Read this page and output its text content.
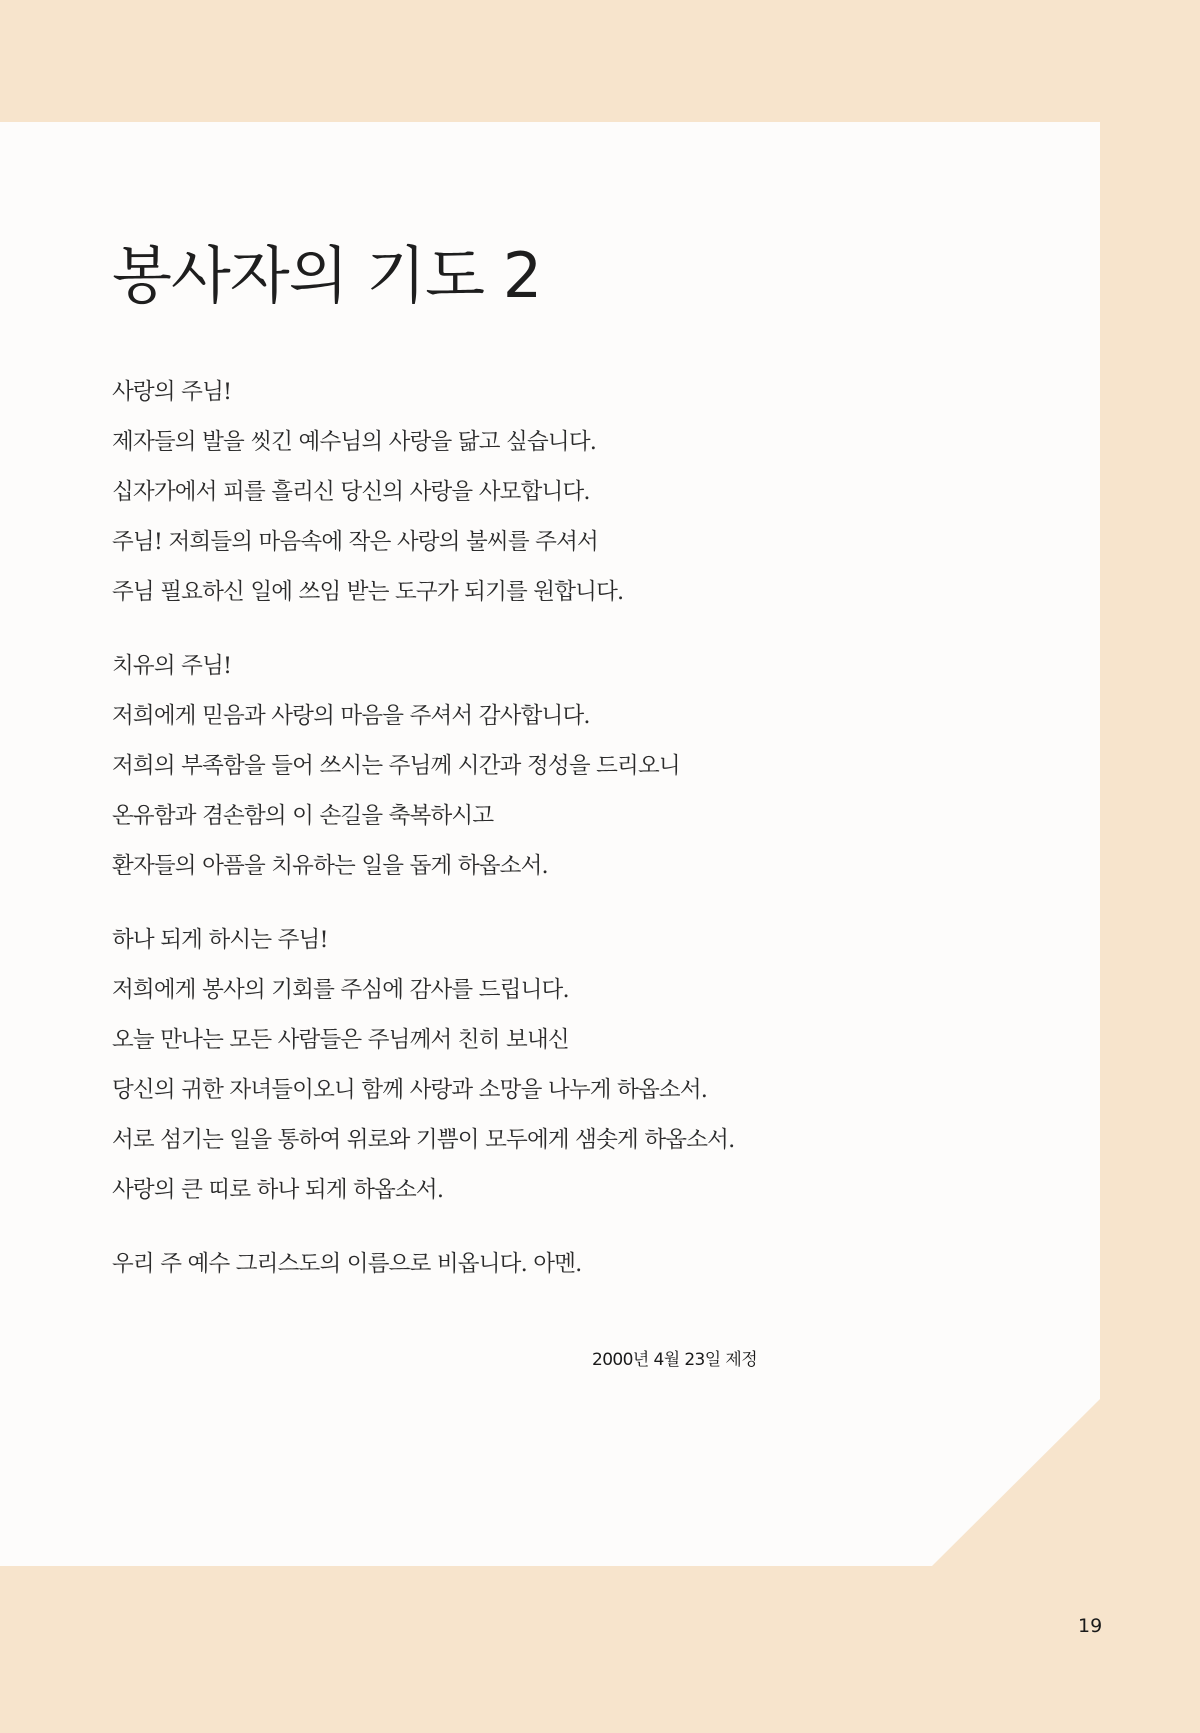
봉사자의 기도 2
사랑의 주님!
제자들의 발을 씻긴 예수님의 사랑을 닮고 싶습니다.
십자가에서 피를 흘리신 당신의 사랑을 사모합니다.
주님! 저희들의 마음속에 작은 사랑의 불씨를 주셔서
주님 필요하신 일에 쓰임 받는 도구가 되기를 원합니다.
치유의 주님!
저희에게 믿음과 사랑의 마음을 주셔서 감사합니다.
저희의 부족함을 들어 쓰시는 주님께 시간과 정성을 드리오니
온유함과 겸손함의 이 손길을 축복하시고
환자들의 아픔을 치유하는 일을 돕게 하옵소서.
하나 되게 하시는 주님!
저희에게 봉사의 기회를 주심에 감사를 드립니다.
오늘 만나는 모든 사람들은 주님께서 친히 보내신
당신의 귀한 자녀들이오니 함께 사랑과 소망을 나누게 하옵소서.
서로 섬기는 일을 통하여 위로와 기쁨이 모두에게 샘솟게 하옵소서.
사랑의 큰 띠로 하나 되게 하옵소서.
우리 주 예수 그리스도의 이름으로 비옵니다. 아멘.
2000년 4월 23일 제정
19
